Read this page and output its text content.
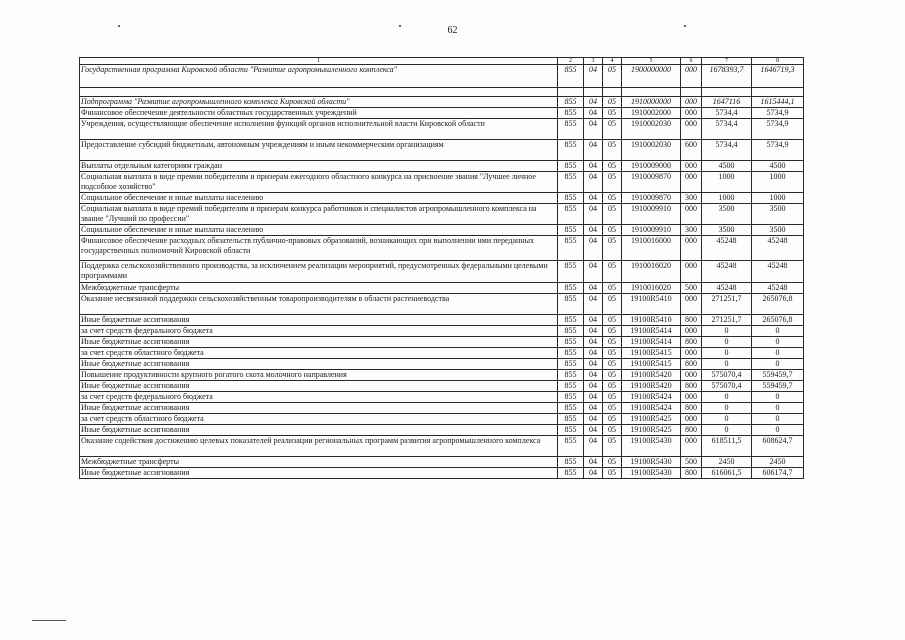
62
1	2	3	4	5	6	7	8
Государственная программа Кировской области "Развитие агропромышленного комплекса"	855	04	05	1900000000	000	1678393,7	1646719,3

Подпрограмма "Развитие агропромышленного комплекса Кировской области"	855	04	05	1910000000	000	1647116	1615444,1
Финансовое обеспечение деятельности областных государственных учреждений	855	04	05	1910002000	000	5734,4	5734,9
Учреждения, осуществляющие обеспечение исполнения функций органов исполнительной власти Кировской области	855	04	05	1910002030	000	5734,4	5734,9
Предоставление субсидий бюджетным, автономным учреждениям и иным некоммерческим организациям	855	04	05	1910002030	600	5734,4	5734,9
Выплаты отдельным категориям граждан	855	04	05	1910009000	000	4500	4500
Социальная выплата в виде премии победителям и призерам ежегодного областного конкурса на присвоение звания "Лучшее личное подсобное хозяйство"	855	04	05	1910009870	000	1000	1000
Социальное обеспечение и иные выплаты населению	855	04	05	1910009870	300	1000	1000
Социальная выплата в виде премий победителям и призерам конкурса работников и специалистов агропромышленного комплекса на звание "Лучший по профессии"	855	04	05	1910009910	000	3500	3500
Социальное обеспечение и иные выплаты населению	855	04	05	1910009910	300	3500	3500
Финансовое обеспечение расходных обязательств публично-правовых образований, возникающих при выполнении ими переданных государственных полномочий Кировской области	855	04	05	1910016000	000	45248	45248
Поддержка сельскохозяйственного производства, за исключением реализации мероприятий, предусмотренных федеральными целевыми программами	855	04	05	1910016020	000	45248	45248
Межбюджетные трансферты	855	04	05	1910016020	500	45248	45248
Оказание несвязанной поддержки сельскохозяйственным товаропроизводителям в области растениеводства	855	04	05	19100R5410	000	271251,7	265076,8
Иные бюджетные ассигнования	855	04	05	19100R5410	800	271251,7	265076,8
за счет средств федерального бюджета	855	04	05	19100R5414	000	0	0
Иные бюджетные ассигнования	855	04	05	19100R5414	800	0	0
за счет средств областного бюджета	855	04	05	19100R5415	000	0	0
Иные бюджетные ассигнования	855	04	05	19100R5415	800	0	0
Повышение продуктивности крупного рогатого скота молочного направления	855	04	05	19100R5420	000	575070,4	559459,7
Иные бюджетные ассигнования	855	04	05	19100R5420	800	575070,4	559459,7
за счет средств федерального бюджета	855	04	05	19100R5424	000	0	0
Иные бюджетные ассигнования	855	04	05	19100R5424	800	0	0
за счет средств областного бюджета	855	04	05	19100R5425	000	0	0
Иные бюджетные ассигнования	855	04	05	19100R5425	800	0	0
Оказание содействия достижению целевых показателей реализации региональных программ развития агропромышленного комплекса	855	04	05	19100R5430	000	618511,5	608624,7
Межбюджетные трансферты	855	04	05	19100R5430	500	2450	2450
Иные бюджетные ассигнования	855	04	05	19100R5430	800	616061,5	606174,7
